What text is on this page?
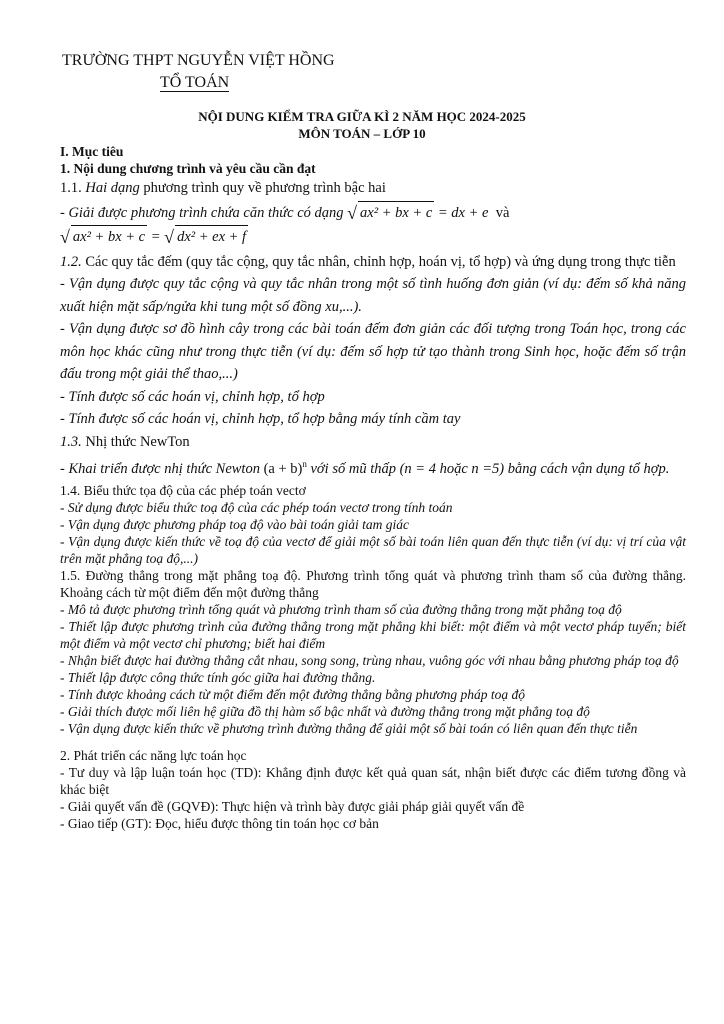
TRƯỜNG THPT NGUYỄN VIỆT HỒNG
TỔ TOÁN
NỘI DUNG KIỂM TRA GIỮA KÌ 2 NĂM HỌC 2024-2025
MÔN TOÁN – LỚP 10

I. Mục tiêu

1. Nội dung chương trình và yêu cầu cần đạt

1.1. Hai dạng phương trình quy về phương trình bậc hai

- Giải được phương trình chứa căn thức có dạng √ ax² + bx + c = dx + e và

√ ax² + bx + c = √ dx² + ex + f

1.2. Các quy tắc đếm (quy tắc cộng, quy tắc nhân, chỉnh hợp, hoán vị, tổ hợp) và ứng dụng trong thực tiễn

- Vận dụng được quy tắc cộng và quy tắc nhân trong một số tình huống đơn giản (ví dụ: đếm số khả năng xuất hiện mặt sấp/ngửa khi tung một số đồng xu,...).

- Vận dụng được sơ đồ hình cây trong các bài toán đếm đơn giản các đối tượng trong Toán học, trong các môn học khác cũng như trong thực tiễn (ví dụ: đếm số hợp tử tạo thành trong Sinh học, hoặc đếm số trận đấu trong một giải thể thao,...)

- Tính được số các hoán vị, chỉnh hợp, tổ hợp

- Tính được số các hoán vị, chỉnh hợp, tổ hợp bằng máy tính cầm tay

1.3. Nhị thức NewTon

- Khai triển được nhị thức Newton $(a + b)^n$ với số mũ thấp (n = 4 hoặc n =5) bằng cách vận dụng tổ hợp.

1.4. Biểu thức tọa độ của các phép toán vectơ

- Sử dụng được biểu thức toạ độ của các phép toán vectơ trong tính toán

- Vận dụng được phương pháp toạ độ vào bài toán giải tam giác

- Vận dụng được kiến thức về toạ độ của vectơ để giải một số bài toán liên quan đến thực tiễn (ví dụ: vị trí của vật trên mặt phẳng toạ độ,...)

1.5. Đường thẳng trong mặt phẳng toạ độ. Phương trình tổng quát và phương trình tham số của đường thẳng. Khoảng cách từ một điểm đến một đường thẳng

- Mô tả được phương trình tổng quát và phương trình tham số của đường thẳng trong mặt phẳng toạ độ

- Thiết lập được phương trình của đường thẳng trong mặt phẳng khi biết: một điểm và một vectơ pháp tuyến; biết một điểm và một vectơ chỉ phương; biết hai điểm

- Nhận biết được hai đường thẳng cắt nhau, song song, trùng nhau, vuông góc với nhau bằng phương pháp toạ độ

- Thiết lập được công thức tính góc giữa hai đường thẳng.

- Tính được khoảng cách từ một điểm đến một đường thẳng bằng phương pháp toạ độ

- Giải thích được mối liên hệ giữa đồ thị hàm số bậc nhất và đường thẳng trong mặt phẳng toạ độ

- Vận dụng được kiến thức về phương trình đường thẳng để giải một số bài toán có liên quan đến thực tiễn

2. Phát triển các năng lực toán học

- Tư duy và lập luận toán học (TD): Khẳng định được kết quả quan sát, nhận biết được các điểm tương đồng và khác biệt

- Giải quyết vấn đề (GQVĐ): Thực hiện và trình bày được giải pháp giải quyết vấn đề

- Giao tiếp (GT): Đọc, hiểu được thông tin toán học cơ bản
